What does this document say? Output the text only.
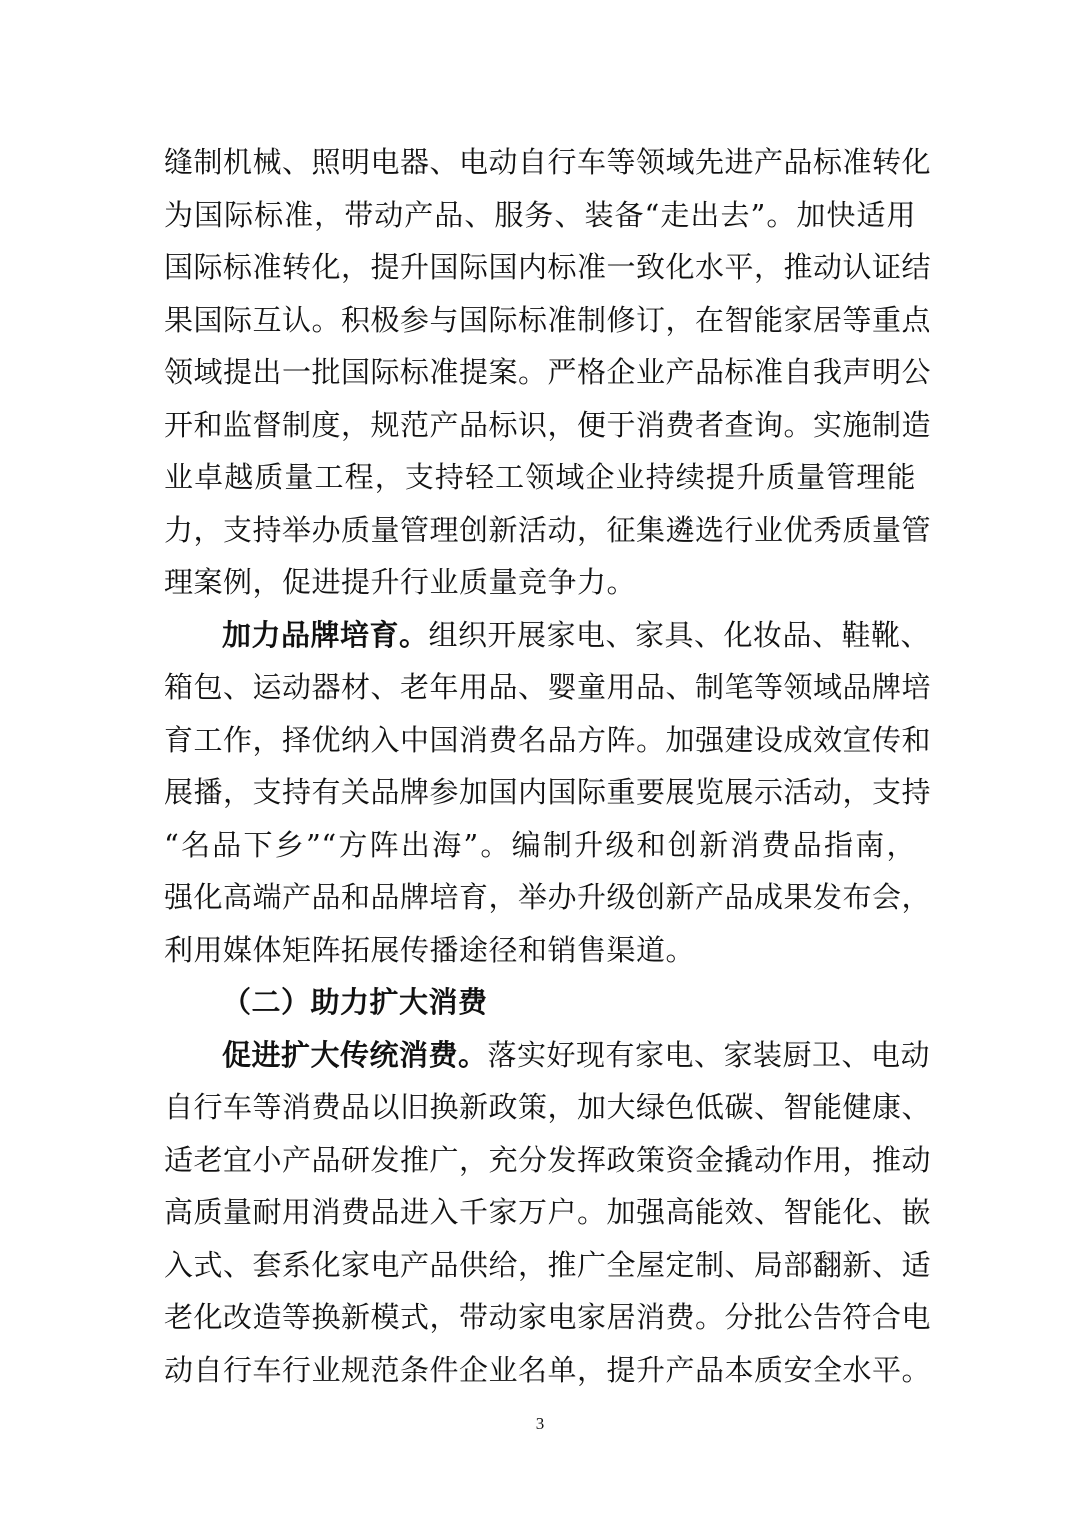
缝制机械、照明电器、电动自行车等领域先进产品标准转化
为国际标准，带动产品、服务、装备“走出去”。加快适用
国际标准转化，提升国际国内标准一致化水平，推动认证结
果国际互认。积极参与国际标准制修订，在智能家居等重点
领域提出一批国际标准提案。严格企业产品标准自我声明公
开和监督制度，规范产品标识，便于消费者查询。实施制造
业卓越质量工程，支持轻工领域企业持续提升质量管理能
力，支持举办质量管理创新活动，征集遴选行业优秀质量管
理案例，促进提升行业质量竞争力。
加力品牌培育。组织开展家电、家具、化妆品、鞋靴、
箱包、运动器材、老年用品、婴童用品、制笔等领域品牌培
育工作，择优纳入中国消费名品方阵。加强建设成效宣传和
展播，支持有关品牌参加国内国际重要展览展示活动，支持
“名品下乡”“方阵出海”。编制升级和创新消费品指南，
强化高端产品和品牌培育，举办升级创新产品成果发布会，
利用媒体矩阵拓展传播途径和销售渠道。
（二）助力扩大消费
促进扩大传统消费。落实好现有家电、家装厨卫、电动
自行车等消费品以旧换新政策，加大绿色低碳、智能健康、
适老宜小产品研发推广，充分发挥政策资金撬动作用，推动
高质量耐用消费品进入千家万户。加强高能效、智能化、嵌
入式、套系化家电产品供给，推广全屋定制、局部翻新、适
老化改造等换新模式，带动家电家居消费。分批公告符合电
动自行车行业规范条件企业名单，提升产品本质安全水平。
3
